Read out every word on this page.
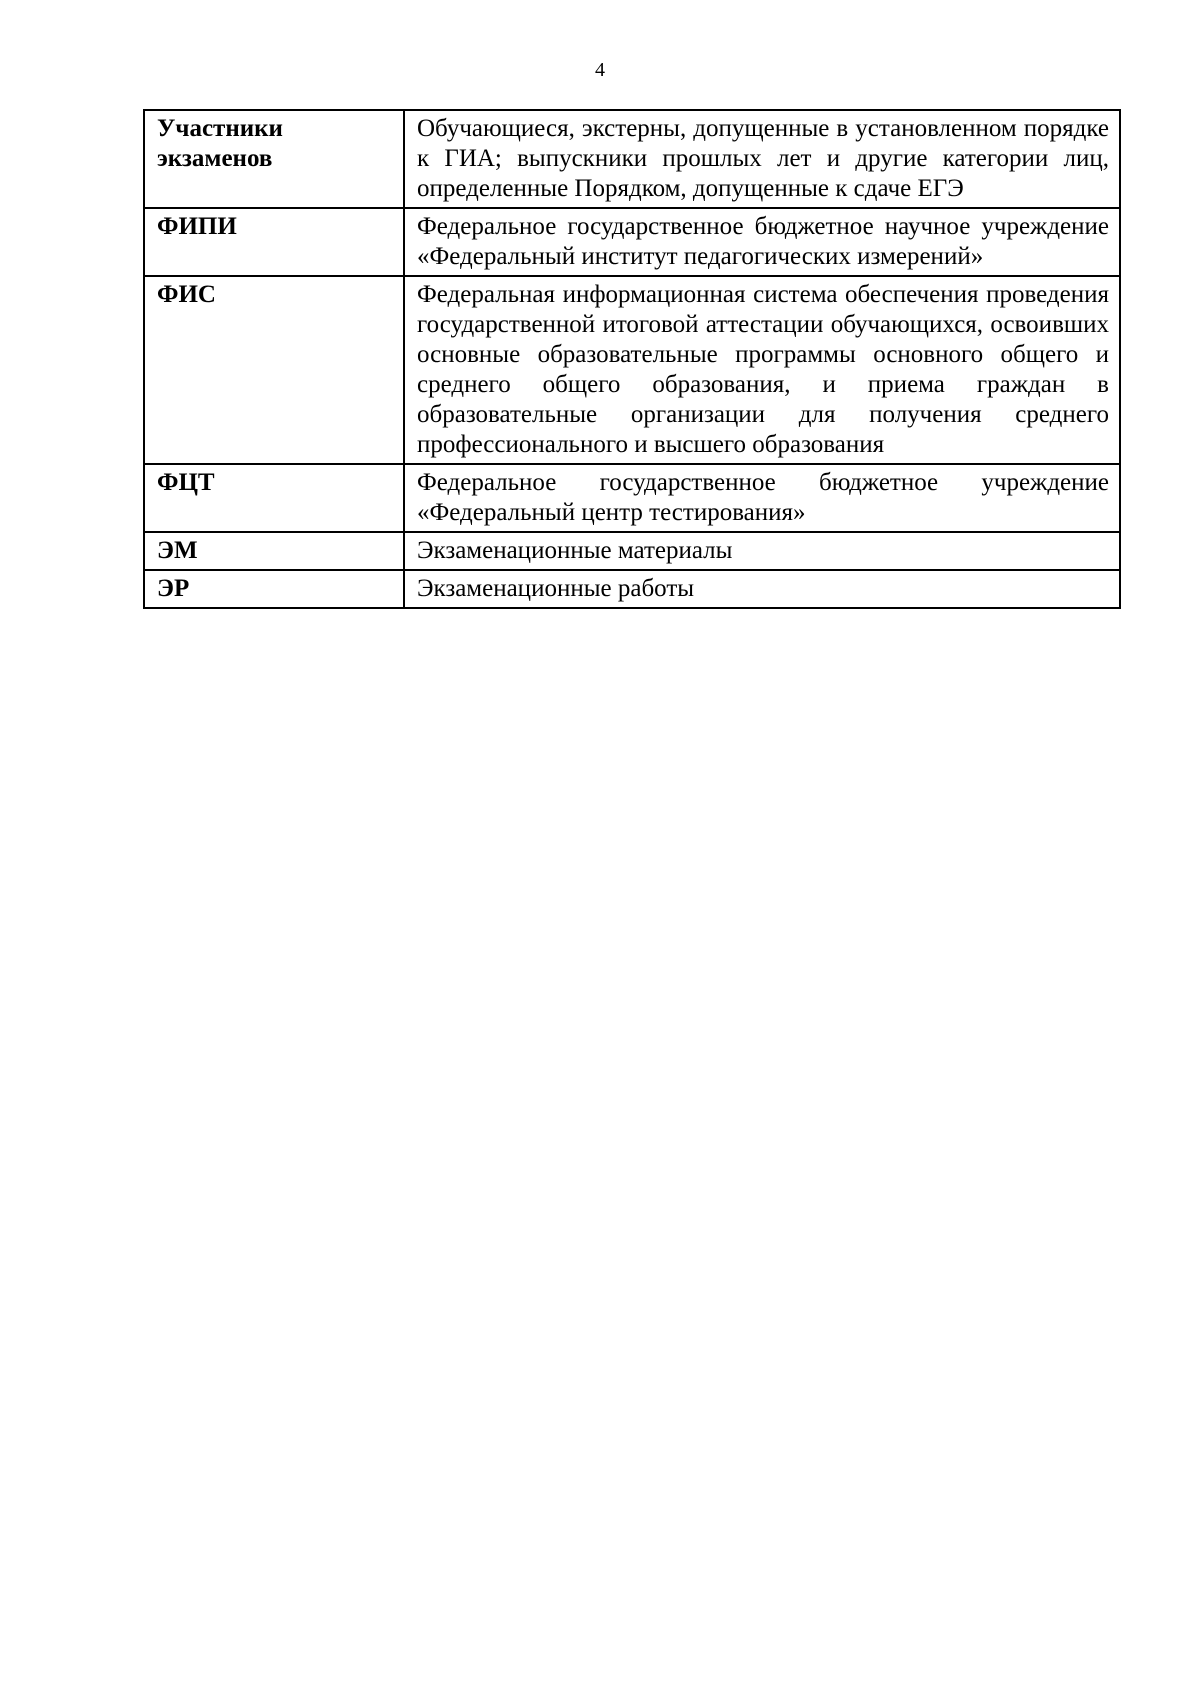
4
Участники экзаменов	Обучающиеся, экстерны, допущенные в установленном порядке к ГИА; выпускники прошлых лет и другие категории лиц, определенные Порядком, допущенные к сдаче ЕГЭ
ФИПИ	Федеральное государственное бюджетное научное учреждение «Федеральный институт педагогических измерений»
ФИС	Федеральная информационная система обеспечения проведения государственной итоговой аттестации обучающихся, освоивших основные образовательные программы основного общего и среднего общего образования, и приема граждан в образовательные организации для получения среднего профессионального и высшего образования
ФЦТ	Федеральное государственное бюджетное учреждение «Федеральный центр тестирования»
ЭМ	Экзаменационные материалы
ЭР	Экзаменационные работы
